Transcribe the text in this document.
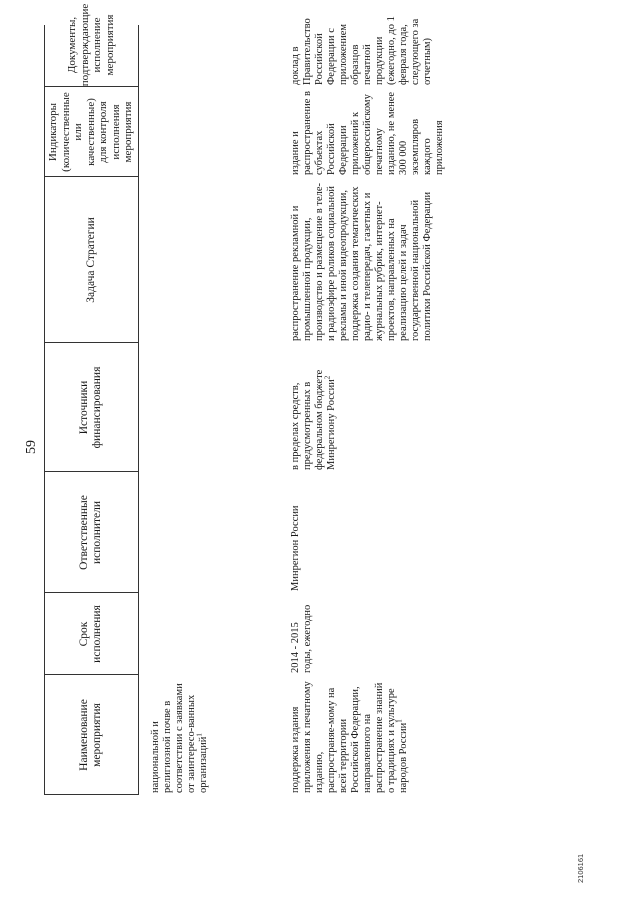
59
Наименование мероприятия
Срок исполнения
Ответственные исполнители
Источники финансирования
Задача Стратегии
Индикаторы (количественные или качественные) для контроля исполнения мероприятия
Документы, подтверждающие исполнение мероприятия
национальной и религиозной почве в соответствии с заявками от заинтересо-ванных организаций$^1$	поддержка издания приложения к печатному изданию, распространяе-мому на всей территории Российской Федерации, направленного на распространение знаний о традициях и культуре народов России$^1$
2014 - 2015 годы, ежегодно
Минрегион России
в пределах средств, предусмотренных в федеральном бюджете Минрегиону России$^2$
распространение рекламной и промышленной продукции, производство и размещение в теле- и радиоэфире роликов социальной рекламы и иной видеопродукции, поддержка создания тематических радио- и телепередач, газетных и журнальных рубрик, интернет-проектов, направленных на реализацию целей и задач государственной национальной политики Российской Федерации
издание и распространение в субъектах Российской Федерации приложений к общероссийскому печатному изданию, не менее 300 000 экземпляров каждого приложения
доклад в Правительство Российской Федерации с приложением образцов печатной продукции (ежегодно, до 1 февраля года, следующего за отчетным)
2106161
